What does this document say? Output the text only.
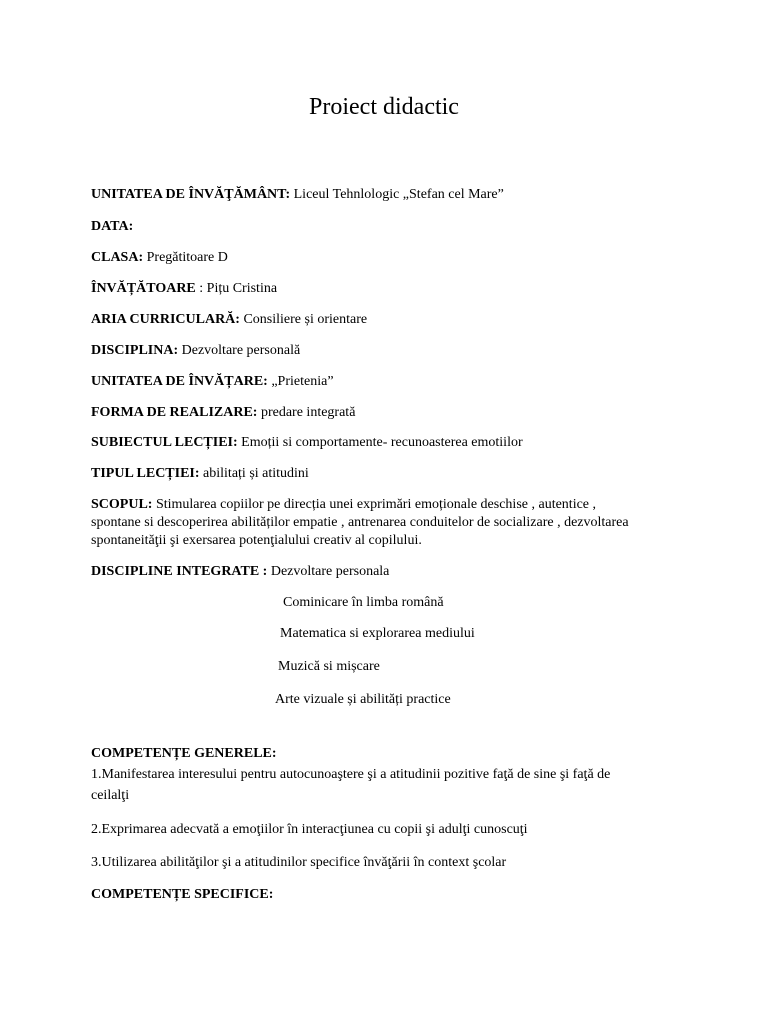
Proiect didactic
UNITATEA DE ÎNVĂŢĂMÂNT: Liceul Tehnlologic „Stefan cel Mare”
DATA:
CLASA: Pregătitoare D
ÎNVĂȚĂTOARE : Pițu Cristina
ARIA CURRICULARĂ: Consiliere și orientare
DISCIPLINA: Dezvoltare personală
UNITATEA DE ÎNVĂȚARE: „Prietenia”
FORMA DE REALIZARE: predare integrată
SUBIECTUL LECȚIEI: Emoții si comportamente- recunoasterea emotiilor
TIPUL LECȚIEI: abilitați și atitudini
SCOPUL: Stimularea copiilor pe direcția unei exprimări emoționale deschise , autentice ,
spontane si descoperirea abilităților empatie , antrenarea conduitelor de socializare , dezvoltarea
spontaneităţii şi exersarea potenţialului creativ al copilului.
DISCIPLINE INTEGRATE : Dezvoltare personala
Cominicare în limba română
Matematica si explorarea mediului
Muzică si mișcare
Arte vizuale și abilități practice
COMPETENȚE GENERELE:
1.Manifestarea interesului pentru autocunoaştere şi a atitudinii pozitive faţă de sine şi faţă de
ceilalţi
2.Exprimarea adecvată a emoţiilor în interacţiunea cu copii şi adulţi cunoscuţi
3.Utilizarea abilităţilor şi a atitudinilor specifice învăţării în context şcolar
COMPETENȚE SPECIFICE:
